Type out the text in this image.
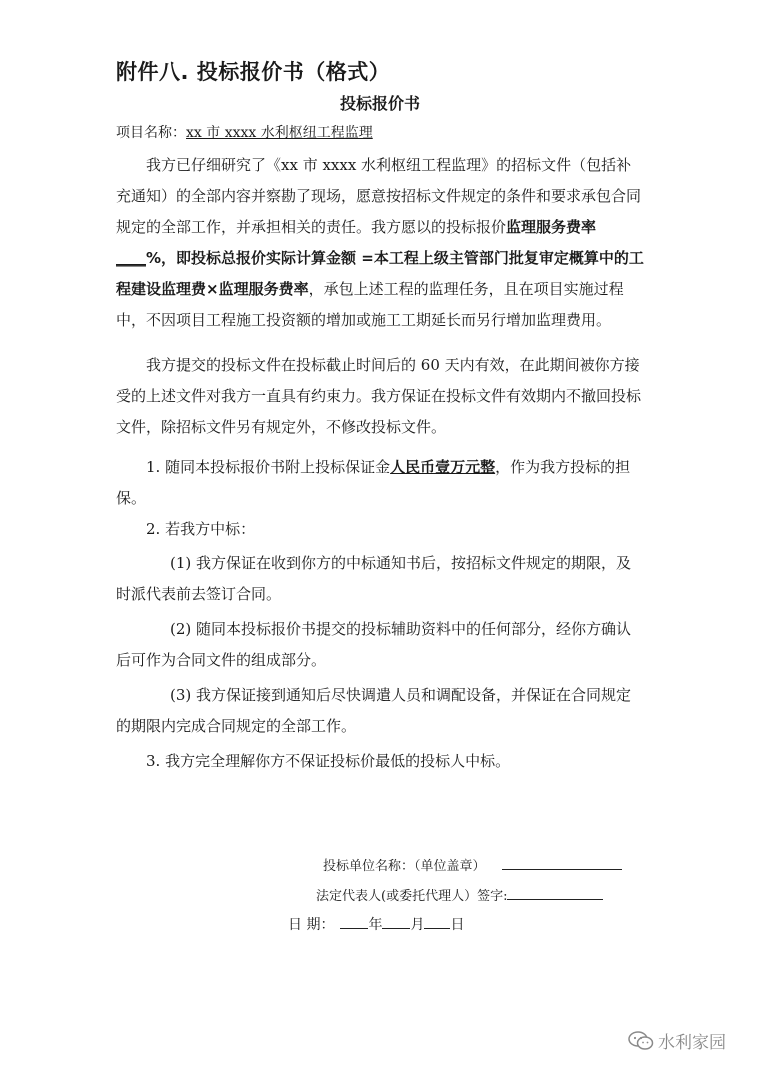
附件八. 投标报价书（格式）
投标报价书
项目名称：xx 市 xxxx 水利枢纽工程监理
我方已仔细研究了《xx 市 xxxx 水利枢纽工程监理》的招标文件（包括补充通知）的全部内容并察勘了现场，愿意按招标文件规定的条件和要求承包合同规定的全部工作，并承担相关的责任。我方愿以的投标报价监理服务费率____%，即投标总报价实际计算金额 =本工程上级主管部门批复审定概算中的工程建设监理费×监理服务费率，承包上述工程的监理任务，且在项目实施过程中，不因项目工程施工投资额的增加或施工工期延长而另行增加监理费用。
我方提交的投标文件在投标截止时间后的 60 天内有效，在此期间被你方接受的上述文件对我方一直具有约束力。我方保证在投标文件有效期内不撤回投标文件，除招标文件另有规定外，不修改投标文件。
1. 随同本投标报价书附上投标保证金人民币壹万元整，作为我方投标的担保。
2. 若我方中标：
(1) 我方保证在收到你方的中标通知书后，按招标文件规定的期限，及时派代表前去签订合同。
(2) 随同本投标报价书提交的投标辅助资料中的任何部分，经你方确认后可作为合同文件的组成部分。
(3) 我方保证接到通知后尽快调遣人员和调配设备，并保证在合同规定的期限内完成合同规定的全部工作。
3. 我方完全理解你方不保证投标价最低的投标人中标。
投标单位名称：（单位盖章）
法定代表人(或委托代理人）签字:
日 期： 年 月 日
水利家园
